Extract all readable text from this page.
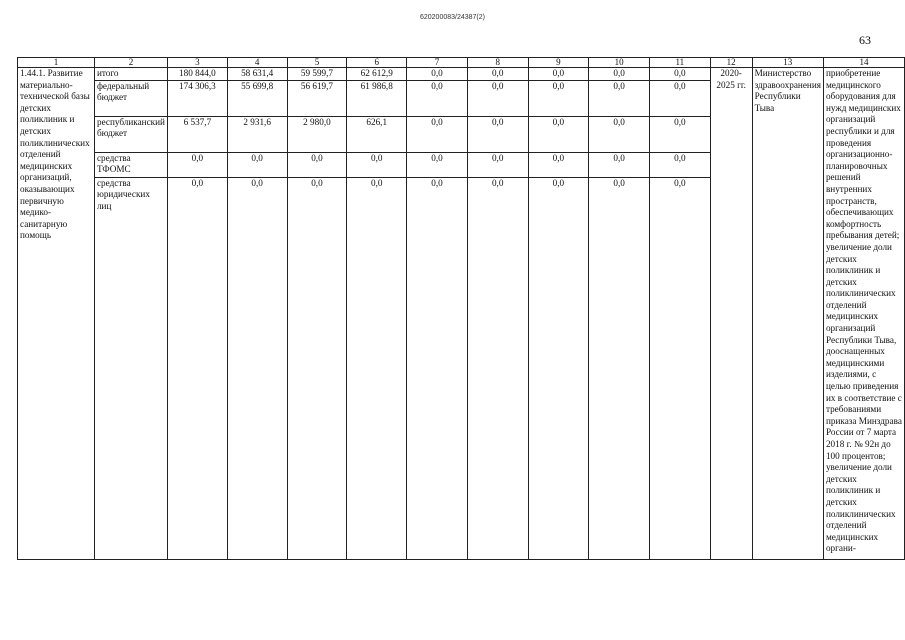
620200083/24387(2)
63
1	2	3	4	5	6	7	8	9	10	11	12	13	14
1.44.1. Развитие материально-технической базы детских поликлиник и детских поликлинических отделений медицинских организаций, оказывающих первичную медико-санитарную помощь	итого	180 844,0	58 631,4	59 599,7	62 612,9	0,0	0,0	0,0	0,0	0,0	2020-2025 гг.	Министерство здравоохранения Республики Тыва	приобретение медицинского оборудования для нужд медицинских организаций республики и для проведения организационно-планировочных решений внутренних пространств, обеспечивающих комфортность пребывания детей; увеличение доли детских поликлиник и детских поликлинических отделений медицинских организаций Республики Тыва, дооснащенных медицинскими изделиями, с целью приведения их в соответствие с требованиями приказа Минздрава России от 7 марта 2018 г. № 92н до 100 процентов; увеличение доли детских поликлиник и детских поликлинических отделений медицинских органи-
	федеральный бюджет	174 306,3	55 699,8	56 619,7	61 986,8	0,0	0,0	0,0	0,0	0,0			
	республиканский бюджет	6 537,7	2 931,6	2 980,0	626,1	0,0	0,0	0,0	0,0	0,0			
	средства ТФОМС	0,0	0,0	0,0	0,0	0,0	0,0	0,0	0,0	0,0			
	средства юридических лиц	0,0	0,0	0,0	0,0	0,0	0,0	0,0	0,0	0,0			
